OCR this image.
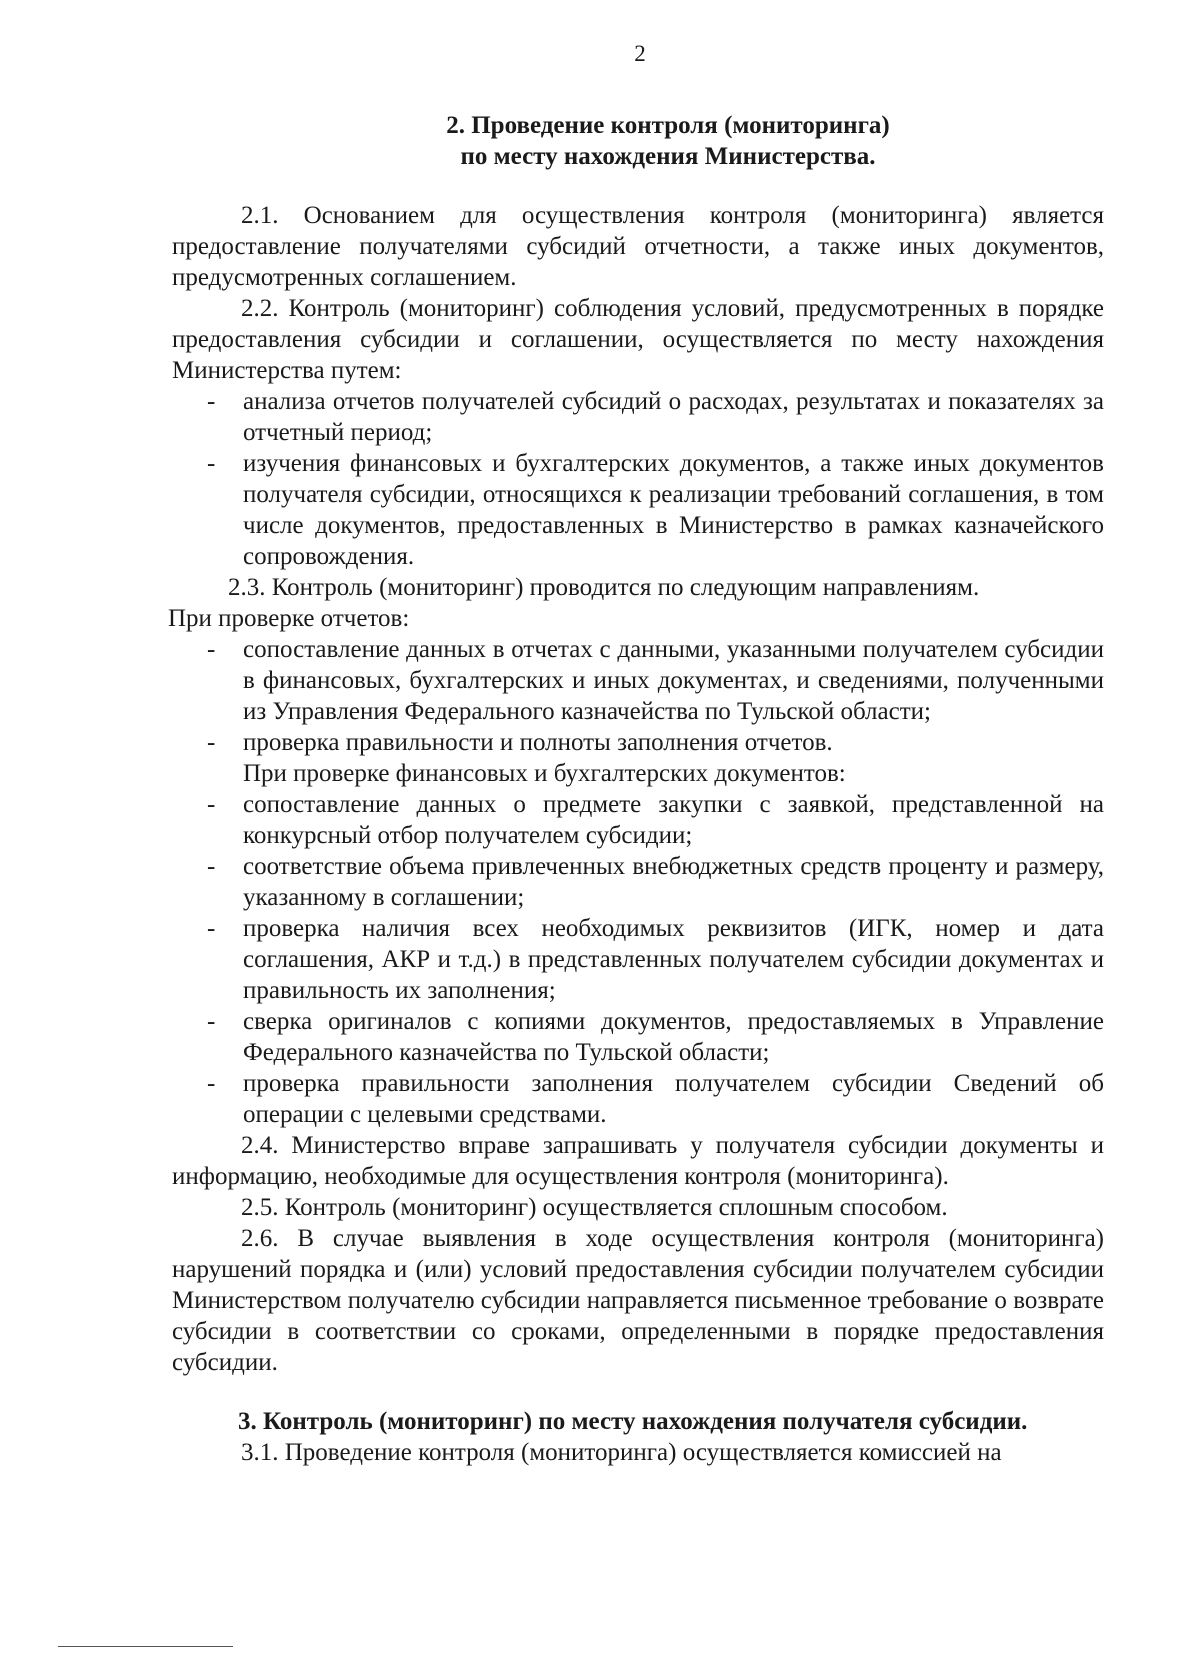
2

2. Проведение контроля (мониторинга)

по месту нахождения Министерства.

2.1. Основанием для осуществления контроля (мониторинга) является предоставление получателями субсидий отчетности, а также иных документов, предусмотренных соглашением.

2.2. Контроль (мониторинг) соблюдения условий, предусмотренных в порядке предоставления субсидии и соглашении, осуществляется по месту нахождения Министерства путем:

- анализа отчетов получателей субсидий о расходах, результатах и показателях за отчетный период;
- изучения финансовых и бухгалтерских документов, а также иных документов получателя субсидии, относящихся к реализации требований соглашения, в том числе документов, предоставленных в Министерство в рамках казначейского сопровождения.

2.3. Контроль (мониторинг) проводится по следующим направлениям.

При проверке отчетов:

- сопоставление данных в отчетах с данными, указанными получателем субсидии в финансовых, бухгалтерских и иных документах, и сведениями, полученными из Управления Федерального казначейства по Тульской области;
- проверка правильности и полноты заполнения отчетов.

При проверке финансовых и бухгалтерских документов:

- сопоставление данных о предмете закупки с заявкой, представленной на конкурсный отбор получателем субсидии;
- соответствие объема привлеченных внебюджетных средств проценту и размеру, указанному в соглашении;
- проверка наличия всех необходимых реквизитов (ИГК, номер и дата соглашения, АКР и т.д.) в представленных получателем субсидии документах и правильность их заполнения;
- сверка оригиналов с копиями документов, предоставляемых в Управление Федерального казначейства по Тульской области;
- проверка правильности заполнения получателем субсидии Сведений об операции с целевыми средствами.

2.4. Министерство вправе запрашивать у получателя субсидии документы и информацию, необходимые для осуществления контроля (мониторинга).

2.5. Контроль (мониторинг) осуществляется сплошным способом.

2.6. В случае выявления в ходе осуществления контроля (мониторинга) нарушений порядка и (или) условий предоставления субсидии получателем субсидии Министерством получателю субсидии направляется письменное требование о возврате субсидии в соответствии со сроками, определенными в порядке предоставления субсидии.

3. Контроль (мониторинг) по месту нахождения получателя субсидии.

3.1. Проведение контроля (мониторинга) осуществляется комиссией на
